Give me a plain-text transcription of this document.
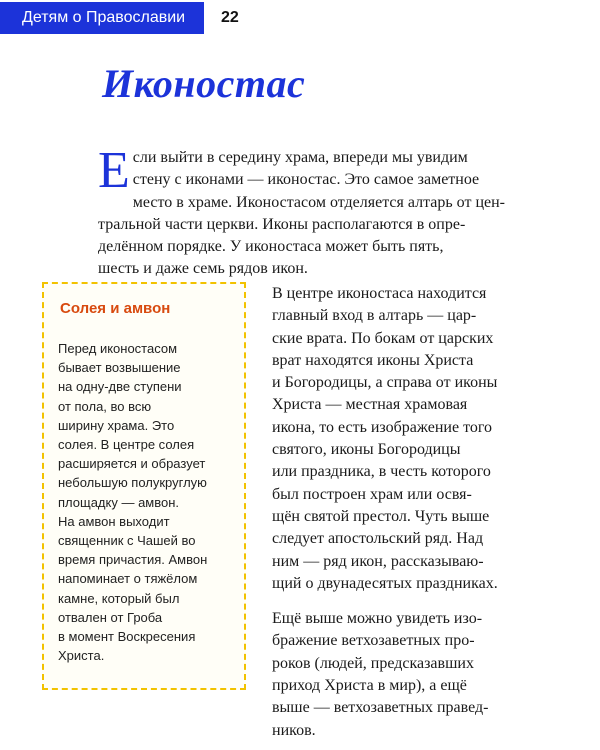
Детям о Православии 22
Иконостас
Е сли выйти в середину храма, впереди мы увидим
стену с иконами — иконостас. Это самое заметное
место в храме. Иконостасом отделяется алтарь от цен-
тральной части церкви. Иконы располагаются в опре-
делённом порядке. У иконостаса может быть пять,
шесть и даже семь рядов икон.
Солея и амвон
Перед иконостасом
бывает возвышение
на одну-две ступени
от пола, во всю
ширину храма. Это
солея. В центре солея
расширяется и образует
небольшую полукруглую
площадку — амвон.
На амвон выходит
священник с Чашей во
время причастия. Амвон
напоминает о тяжёлом
камне, который был
отвален от Гроба
в момент Воскресения
Христа.
В центре иконостаса находится
главный вход в алтарь — цар-
ские врата. По бокам от царских
врат находятся иконы Христа
и Богородицы, а справа от иконы
Христа — местная храмовая
икона, то есть изображение того
святого, иконы Богородицы
или праздника, в честь которого
был построен храм или освя-
щён святой престол. Чуть выше
следует апостольский ряд. Над
ним — ряд икон, рассказываю-
щий о двунадесятых праздниках.
Ещё выше можно увидеть изо-
бражение ветхозаветных про-
роков (людей, предсказавших
приход Христа в мир), а ещё
выше — ветхозаветных правед-
ников.
